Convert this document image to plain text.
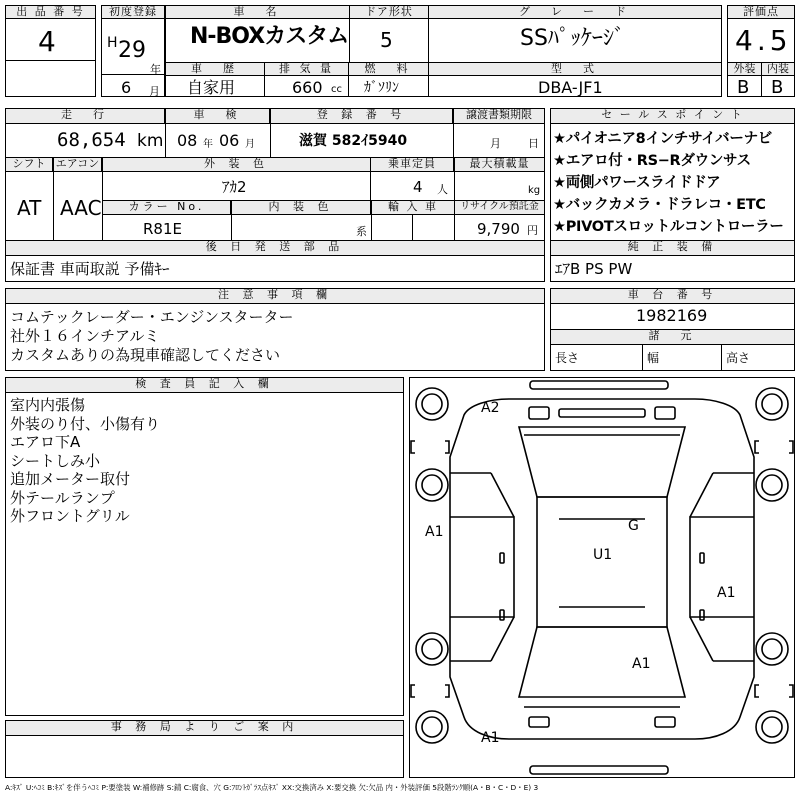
出 品 番 号
4
初度登録
H 29
年
6 月
車　名
N-BOXカスタム
ドア形状
5
グ　レ　ー　ド
SSﾊﾟｯｹｰｼﾞ
車　歴
自家用
排 気 量
660 cc
燃　料
ｶﾞｿﾘﾝ
型　式
DBA-JF1
評価点
4.5
外装	内装
B B
走　行
68,654 km
車　検
08 年 06 月
登 録 番 号
滋賀 582ｲ5940
譲渡書類期限
月 日
シフト
AT
エアコン
AAC
外 装 色
ｱｶ2
乗車定員
4 人
最大積載量
kg
カラー No.
R81E
内 装 色
系
輸 入 車	リサイクル預託金
9,790 円
後 日 発 送 部 品
保証書 車両取説 予備ｷｰ
セ ー ル ス ポ イ ン ト
★パイオニア8インチサイバーナビ
★エアロ付・RS−Rダウンサス
★両側パワースライドドア
★バックカメラ・ドラレコ・ETC
★PIVOTスロットルコントローラー
純 正 装 備
ｴｱB PS PW
注 意 事 項 欄
コムテックレーダー・エンジンスターター
社外１６インチアルミ
カスタムありの為現車確認してください
車 台 番 号
1982169
諸　元
長さ	幅	高さ
検 査 員 記 入 欄
室内内張傷
外装のり付、小傷有り
エアロ下A
シートしみ小
追加メーター取付
外テールランプ
外フロントグリル
事 務 局 よ り ご 案 内
A2
A1	G
U1
A1
A1
A1
A:ｷｽﾞ U:ﾍｺﾐ B:ｷｽﾞを伴うﾍｺﾐ P:要塗装 W:補修跡 S:錆 C:腐食、穴 G:ﾌﾛﾝﾄｶﾞﾗｽ点ｷｽﾞ XX:交換済み X:要交換 欠:欠品 内・外装評価 5段階ﾗﾝｸ順(A・B・C・D・E) 3
